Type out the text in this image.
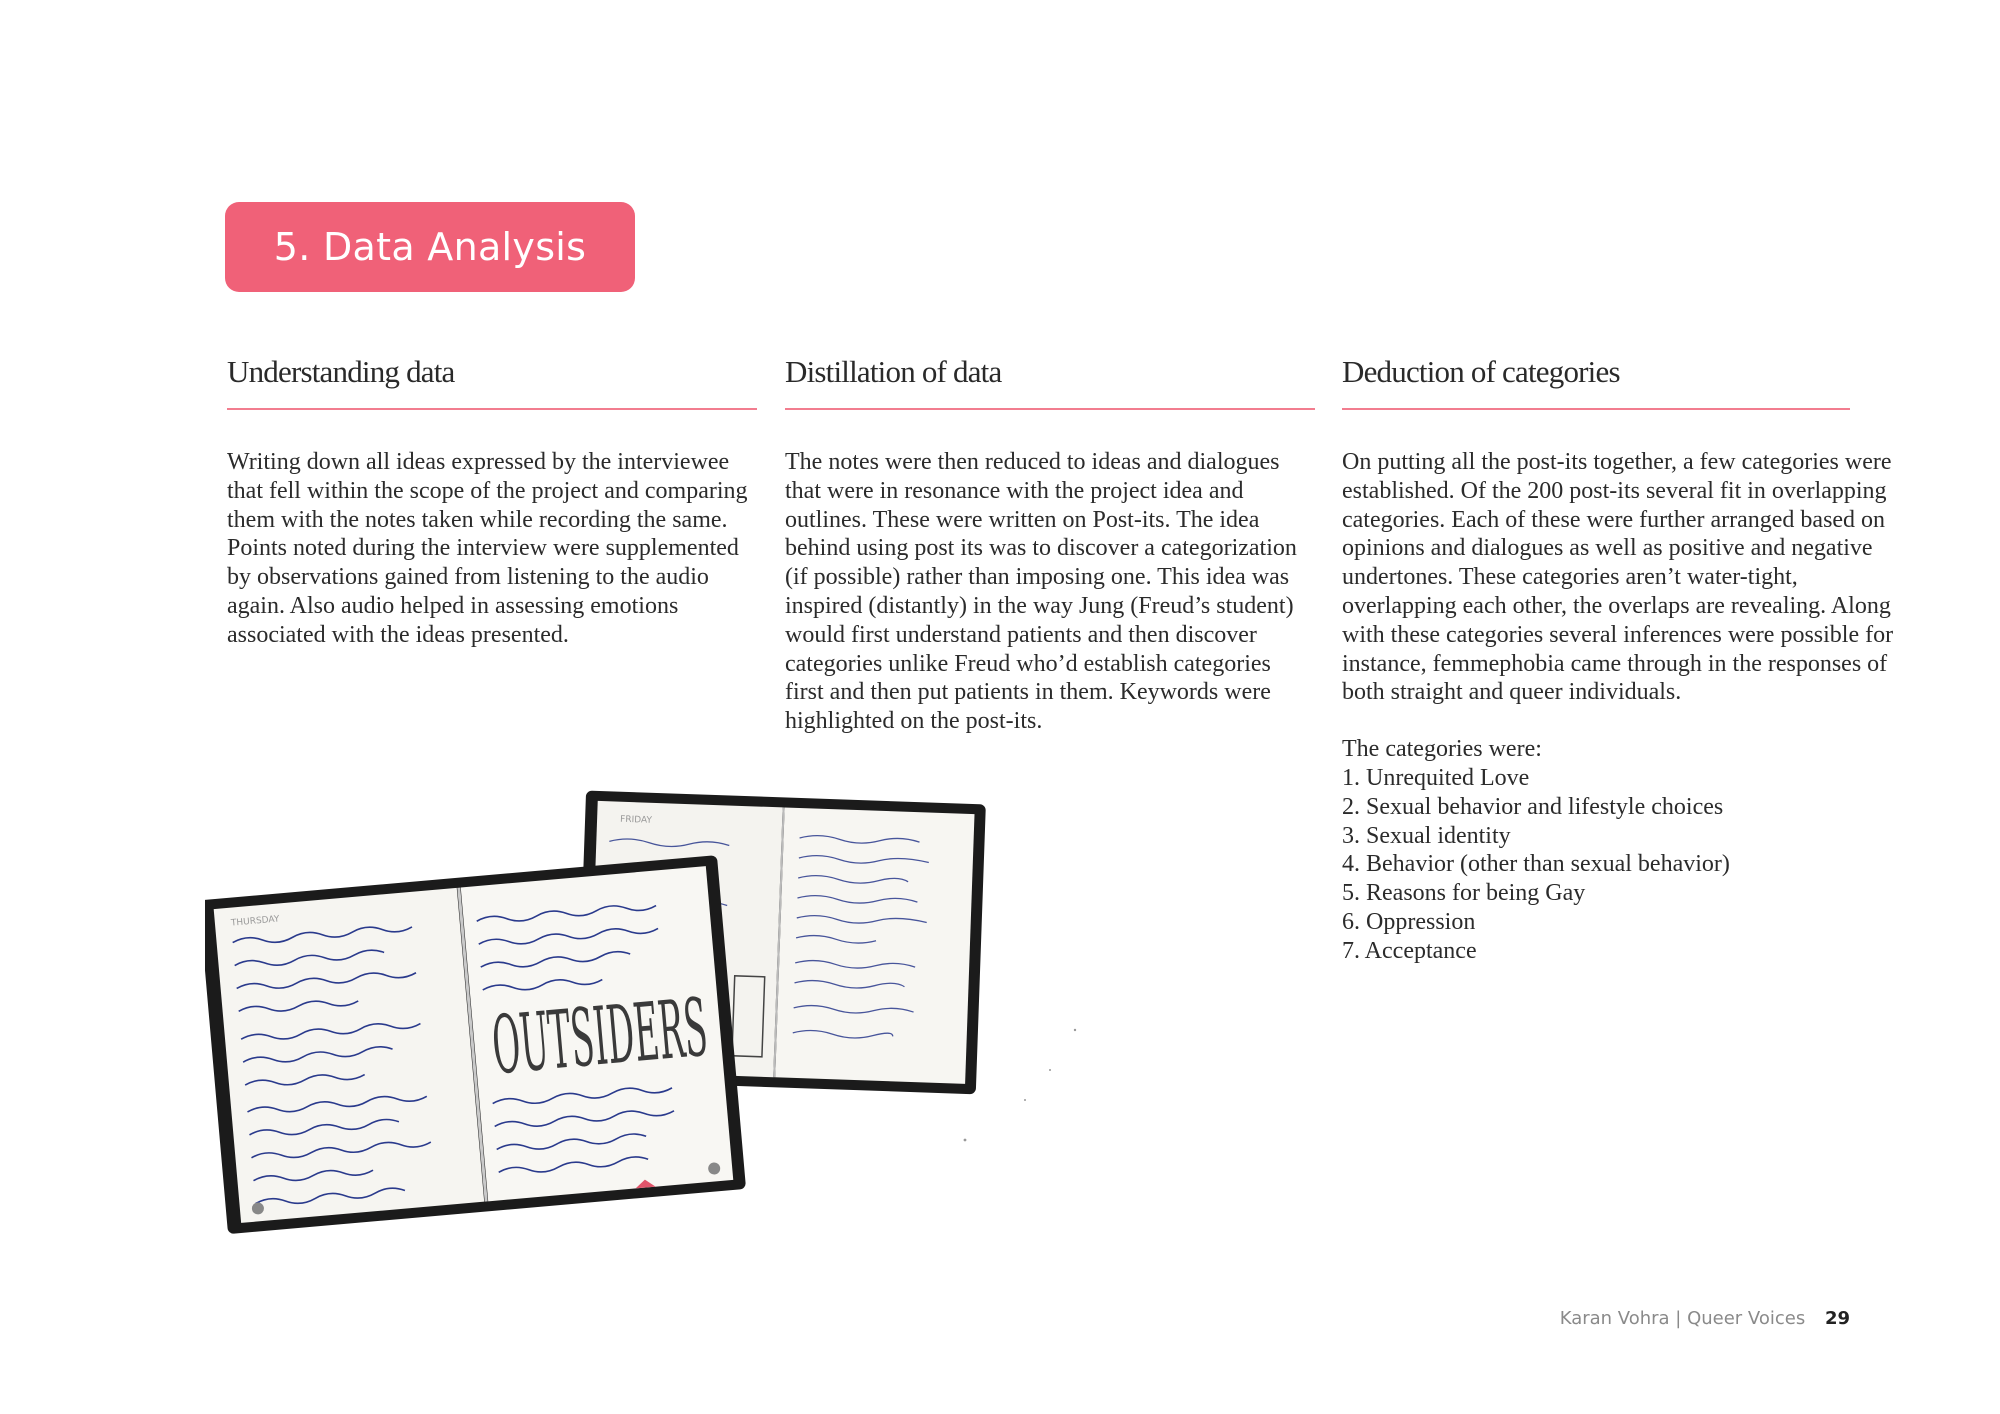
5. Data Analysis
Understanding data

Writing down all ideas expressed by the interviewee that fell within the scope of the project and comparing them with the notes taken while recording the same. Points noted during the interview were supplemented by observations gained from listening to the audio again. Also audio helped in assessing emotions associated with the ideas presented.

Distillation of data

The notes were then reduced to ideas and dialogues that were in resonance with the project idea and outlines. These were written on Post-its. The idea behind using post its was to discover a categorization (if possible) rather than imposing one. This idea was inspired (distantly) in the way Jung (Freud’s student) would first understand patients and then discover categories unlike Freud who’d establish categories first and then put patients in them. Keywords were highlighted on the post-its.

Deduction of categories

On putting all the post-its together, a few categories were established. Of the 200 post-its several fit in overlapping categories. Each of these were further arranged based on opinions and dialogues as well as positive and negative undertones. These categories aren’t water-tight, overlapping each other, the overlaps are revealing. Along with these categories several inferences were possible for instance, femmephobia came through in the responses of both straight and queer individuals.

The categories were:
1. Unrequited Love
2. Sexual behavior and lifestyle choices
3. Sexual identity
4. Behavior (other than sexual behavior)
5. Reasons for being Gay
6. Oppression
7. Acceptance
FRIDAY
THURSDAY
OUTSIDERS
Karan Vohra | Queer Voices 29
